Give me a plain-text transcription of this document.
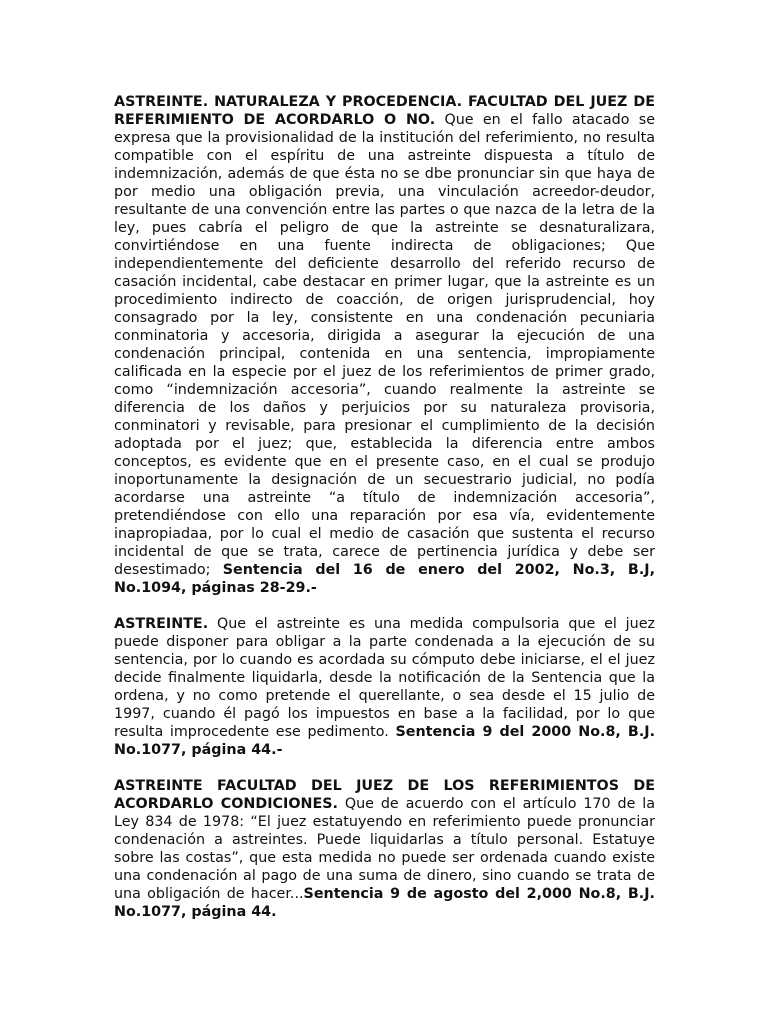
ASTREINTE. NATURALEZA Y PROCEDENCIA. FACULTAD DEL JUEZ DE REFERIMIENTO DE ACORDARLO O NO. Que en el fallo atacado se expresa que la provisionalidad de la institución del referimiento, no resulta compatible con el espíritu de una astreinte dispuesta a título de indemnización, además de que ésta no se dbe pronunciar sin que haya de por medio una obligación previa, una vinculación acreedor-deudor, resultante de una convención entre las partes o que nazca de la letra de la ley, pues cabría el peligro de que la astreinte se desnaturalizara, convirtiéndose en una fuente indirecta de obligaciones; Que independientemente del deficiente desarrollo del referido recurso de casación incidental, cabe destacar en primer lugar, que la astreinte es un procedimiento indirecto de coacción, de origen jurisprudencial, hoy consagrado por la ley, consistente en una condenación pecuniaria conminatoria y accesoria, dirigida a asegurar la ejecución de una condenación principal, contenida en una sentencia, impropiamente calificada en la especie por el juez de los referimientos de primer grado, como “indemnización accesoria”, cuando realmente la astreinte se diferencia de los daños y perjuicios por su naturaleza provisoria, conminatori y revisable, para presionar el cumplimiento de la decisión adoptada por el juez; que, establecida la diferencia entre ambos conceptos, es evidente que en el presente caso, en el cual se produjo inoportunamente la designación de un secuestrario judicial, no podía acordarse una astreinte “a título de indemnización accesoria”, pretendiéndose con ello una reparación por esa vía, evidentemente inapropiadaa, por lo cual el medio de casación que sustenta el recurso incidental de que se trata, carece de pertinencia jurídica y debe ser desestimado; Sentencia del 16 de enero del 2002, No.3, B.J, No.1094, páginas 28-29.-

ASTREINTE. Que el astreinte es una medida compulsoria que el juez puede disponer para obligar a la parte condenada a la ejecución de su sentencia, por lo cuando es acordada su cómputo debe iniciarse, el el juez decide finalmente liquidarla, desde la notificación de la Sentencia que la ordena, y no como pretende el querellante, o sea desde el 15 julio de 1997, cuando él pagó los impuestos en base a la facilidad, por lo que resulta improcedente ese pedimento. Sentencia 9 del 2000 No.8, B.J. No.1077, página 44.-

ASTREINTE FACULTAD DEL JUEZ DE LOS REFERIMIENTOS DE ACORDARLO CONDICIONES. Que de acuerdo con el artículo 170 de la Ley 834 de 1978: “El juez estatuyendo en referimiento puede pronunciar condenación a astreintes. Puede liquidarlas a título personal. Estatuye sobre las costas”, que esta medida no puede ser ordenada cuando existe una condenación al pago de una suma de dinero, sino cuando se trata de una obligación de hacer...Sentencia 9 de agosto del 2,000 No.8, B.J. No.1077, página 44.
